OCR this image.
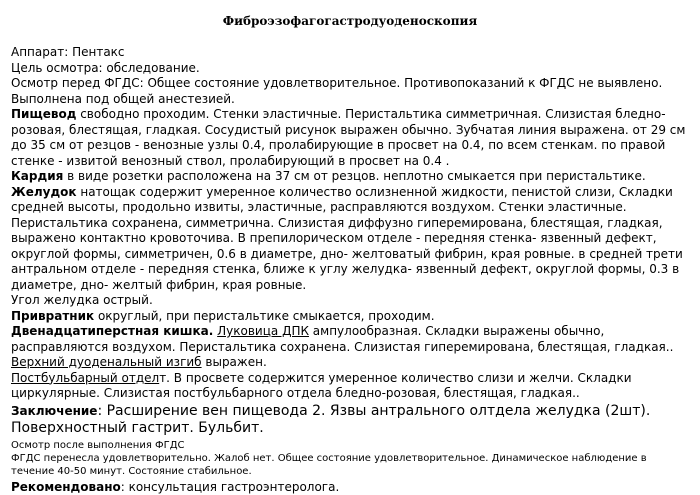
Фиброэзофагогастродуоденоскопия

Аппарат: Пентакс

Цель осмотра: обследование.

Осмотр перед ФГДС: Общее состояние удовлетворительное. Противопоказаний к ФГДС не выявлено. Выполнена под общей анестезией.

Пищевод свободно проходим. Стенки эластичные. Перистальтика симметричная. Слизистая бледно-розовая, блестящая, гладкая. Сосудистый рисунок выражен обычно. Зубчатая линия выражена. от 29 см до 35 см от резцов - венозные узлы 0.4, пролабирующие в просвет на 0.4, по всем стенкам. по правой стенке - извитой венозный ствол, пролабирующий в просвет на 0.4 .

Кардия в виде розетки расположена на 37 см от резцов. неплотно смыкается при перистальтике.

Желудок натощак содержит умеренное количество ослизненной жидкости, пенистой слизи, Складки средней высоты, продольно извиты, эластичные, расправляются воздухом. Стенки эластичные. Перистальтика сохранена, симметрична. Слизистая диффузно гиперемирована, блестящая, гладкая, выражено контактно кровоточива. В препилорическом отделе - передняя стенка- язвенный дефект, округлой формы, симметричен, 0.6 в диаметре, дно- желтоватый фибрин, края ровные. в средней трети антральном отделе - передняя стенка, ближе к углу желудка- язвенный дефект, округлой формы, 0.3 в диаметре, дно- желтый фибрин, края ровные.

Угол желудка острый.

Привратник округлый, при перистальтике смыкается, проходим.

Двенадцатиперстная кишка. Луковица ДПК ампулообразная. Складки выражены обычно, расправляются воздухом. Перистальтика сохранена. Слизистая гиперемирована, блестящая, гладкая..

Верхний дуоденальный изгиб выражен.

Постбульбарный отделт. В просвете содержится умеренное количество слизи и желчи. Складки циркулярные. Слизистая постбульбарного отдела бледно-розовая, блестящая, гладкая..

Заключение: Расширение вен пищевода 2. Язвы антрального олтдела желудка (2шт). Поверхностный гастрит. Бульбит.

Осмотр после выполнения ФГДС

ФГДС перенесла удовлетворительно. Жалоб нет. Общее состояние удовлетворительное. Динамическое наблюдение в течение 40-50 минут. Состояние стабильное.

Рекомендовано: консультация гастроэнтеролога.
